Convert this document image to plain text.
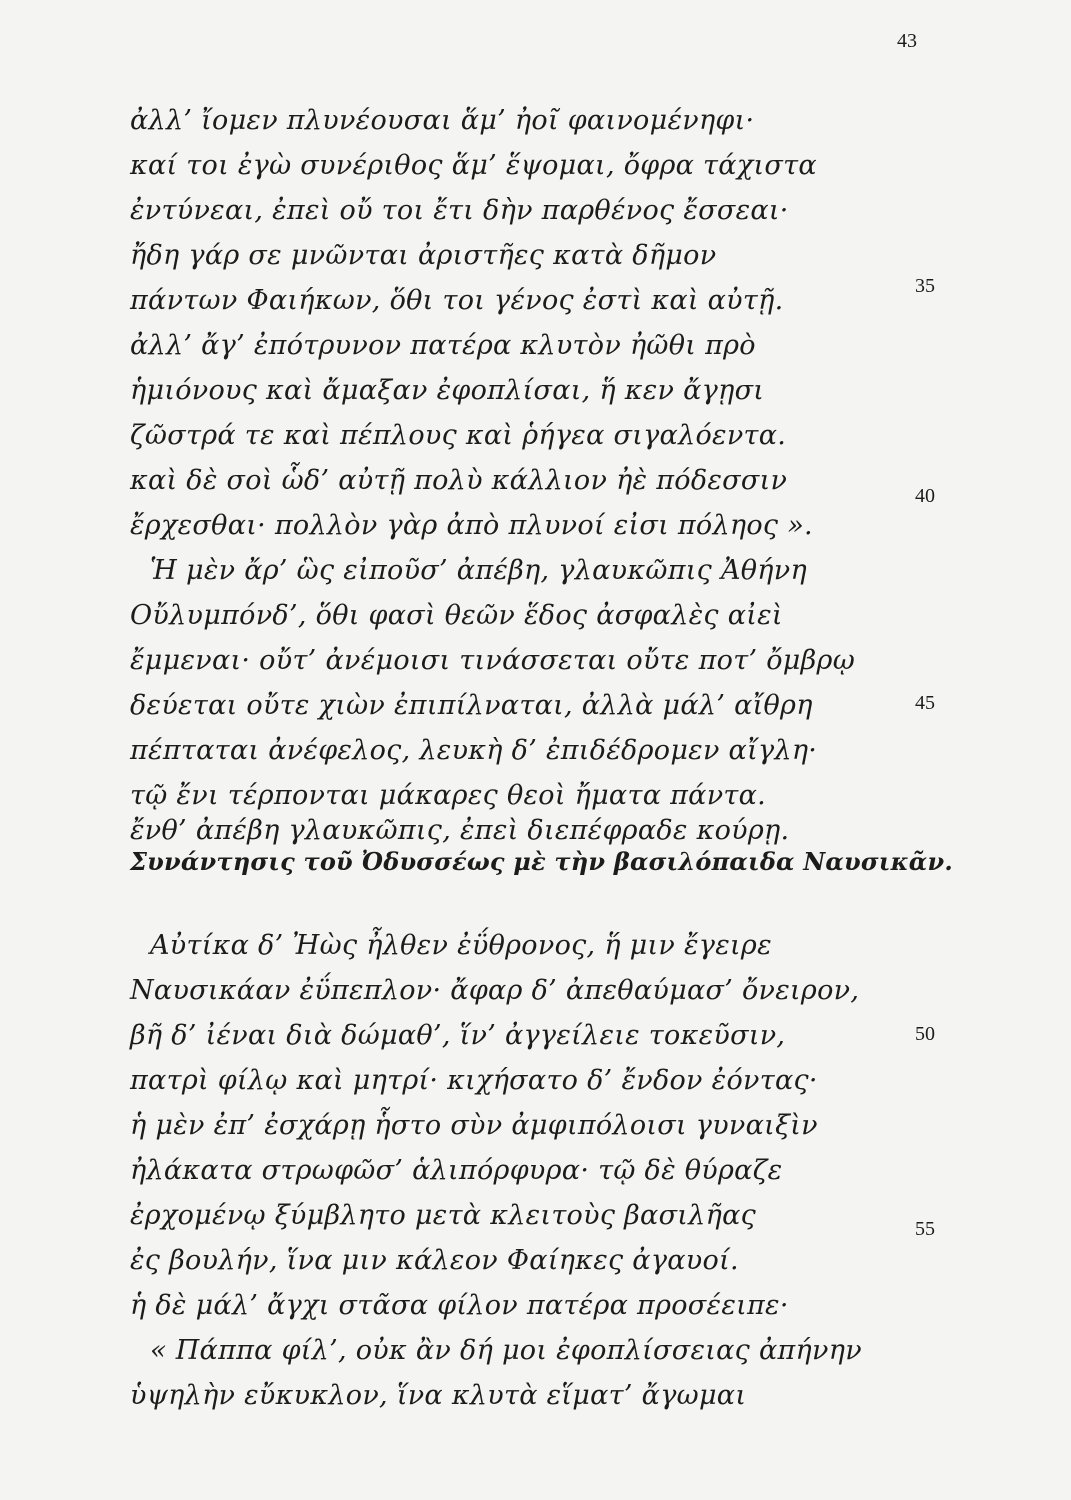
43
ἀλλ’ ἴομεν πλυνέουσαι ἅμ’ ἠοῖ φαινομένηφι·
καί τοι ἐγὼ συνέριθος ἅμ’ ἕψομαι, ὄφρα τάχιστα
ἐντύνεαι, ἐπεὶ οὔ τοι ἔτι δὴν παρθένος ἔσσεαι·
ἤδη γάρ σε μνῶνται ἀριστῆες κατὰ δῆμον
πάντων Φαιήκων, ὅθι τοι γένος ἐστὶ καὶ αὐτῇ.
ἀλλ’ ἄγ’ ἐπότρυνον πατέρα κλυτὸν ἠῶθι πρὸ
ἡμιόνους καὶ ἄμαξαν ἐφοπλίσαι, ἥ κεν ἄγῃσι
ζῶστρά τε καὶ πέπλους καὶ ῥήγεα σιγαλόεντα.
καὶ δὲ σοὶ ὧδ’ αὐτῇ πολὺ κάλλιον ἠὲ πόδεσσιν
ἔρχεσθαι· πολλὸν γὰρ ἀπὸ πλυνοί εἰσι πόληος ».
Ἡ μὲν ἄρ’ ὣς εἰποῦσ’ ἀπέβη, γλαυκῶπις Ἀθήνη
Οὔλυμπόνδ’, ὅθι φασὶ θεῶν ἕδος ἀσφαλὲς αἰεὶ
ἔμμεναι· οὔτ’ ἀνέμοισι τινάσσεται οὔτε ποτ’ ὄμβρῳ
δεύεται οὔτε χιὼν ἐπιπίλναται, ἀλλὰ μάλ’ αἴθρη
πέπταται ἀνέφελος, λευκὴ δ’ ἐπιδέδρομεν αἴγλη·
τῷ ἔνι τέρπονται μάκαρες θεοὶ ἤματα πάντα.
ἔνθ’ ἀπέβη γλαυκῶπις, ἐπεὶ διεπέφραδε κούρῃ.
35
40
45
Συνάντησις τοῦ Ὀδυσσέως μὲ τὴν βασιλόπαιδα Ναυσικᾶν.
Αὐτίκα δ’ Ἠὼς ἦλθεν ἐΰθρονος, ἥ μιν ἔγειρε
Ναυσικάαν ἐΰπεπλον· ἄφαρ δ’ ἀπεθαύμασ’ ὄνειρον,
βῆ δ’ ἰέναι διὰ δώμαθ’, ἵν’ ἀγγείλειε τοκεῦσιν,
πατρὶ φίλῳ καὶ μητρί· κιχήσατο δ’ ἔνδον ἐόντας·
ἡ μὲν ἐπ’ ἐσχάρῃ ἧστο σὺν ἀμφιπόλοισι γυναιξὶν
ἠλάκατα στρωφῶσ’ ἁλιπόρφυρα· τῷ δὲ θύραζε
ἐρχομένῳ ξύμβλητο μετὰ κλειτοὺς βασιλῆας
ἐς βουλήν, ἵνα μιν κάλεον Φαίηκες ἀγαυοί.
ἡ δὲ μάλ’ ἄγχι στᾶσα φίλον πατέρα προσέειπε·
« Πάππα φίλ’, οὐκ ἂν δή μοι ἐφοπλίσσειας ἀπήνην
ὑψηλὴν εὔκυκλον, ἵνα κλυτὰ εἵματ’ ἄγωμαι
50
55
